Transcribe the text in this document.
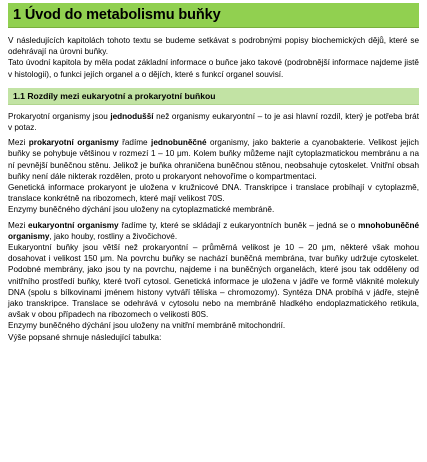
1 Úvod do metabolismu buňky

V následujících kapitolách tohoto textu se budeme setkávat s podrobnými popisy biochemických dějů, které se odehrávají na úrovni buňky.

Tato úvodní kapitola by měla podat základní informace o buňce jako takové (podrobnější informace najdeme jistě v histologii), o funkci jejích organel a o dějích, které s funkcí organel souvisí.

1.1 Rozdíly mezi eukaryotní a prokaryotní buňkou

Prokaryotní organismy jsou jednodušší než organismy eukaryontní – to je asi hlavní rozdíl, který je potřeba brát v potaz.

Mezi prokaryotní organismy řadíme jednobuněčné organismy, jako bakterie a cyanobakterie. Velikost jejich buňky se pohybuje většinou v rozmezí 1 – 10 μm. Kolem buňky můžeme najít cytoplazmatickou membránu a na ní pevnější buněčnou stěnu. Jelikož je buňka ohraničena buněčnou stěnou, neobsahuje cytoskelet. Vnitřní obsah buňky není dále nikterak rozdělen, proto u prokaryont nehovoříme o kompartmentaci.

Genetická informace prokaryont je uložena v kružnicové DNA. Transkripce i translace probíhají v cytoplazmě, translace konkrétně na ribozomech, které mají velikost 70S.

Enzymy buněčného dýchání jsou uloženy na cytoplazmatické membráně.

Mezi eukaryontní organismy řadíme ty, které se skládají z eukaryontních buněk – jedná se o mnohobuněčné organismy, jako houby, rostliny a živočichové.

Eukaryontní buňky jsou větší než prokaryontní – průměrná velikost je 10 – 20 μm, některé však mohou dosahovat i velikost 150 μm. Na povrchu buňky se nachází buněčná membrána, tvar buňky udržuje cytoskelet. Podobné membrány, jako jsou ty na povrchu, najdeme i na buněčných organelách, které jsou tak odděleny od vnitřního prostředí buňky, které tvoří cytosol. Genetická informace je uložena v jádře ve formě vláknité molekuly DNA (spolu s bílkovinami jménem histony vytváří tělíska – chromozomy). Syntéza DNA probíhá v jádře, stejně jako transkripce. Translace se odehrává v cytosolu nebo na membráně hladkého endoplazmatického retikula, avšak v obou případech na ribozomech o velikosti 80S.

Enzymy buněčného dýchání jsou uloženy na vnitřní membráně mitochondrií.

Výše popsané shrnuje následující tabulka:
